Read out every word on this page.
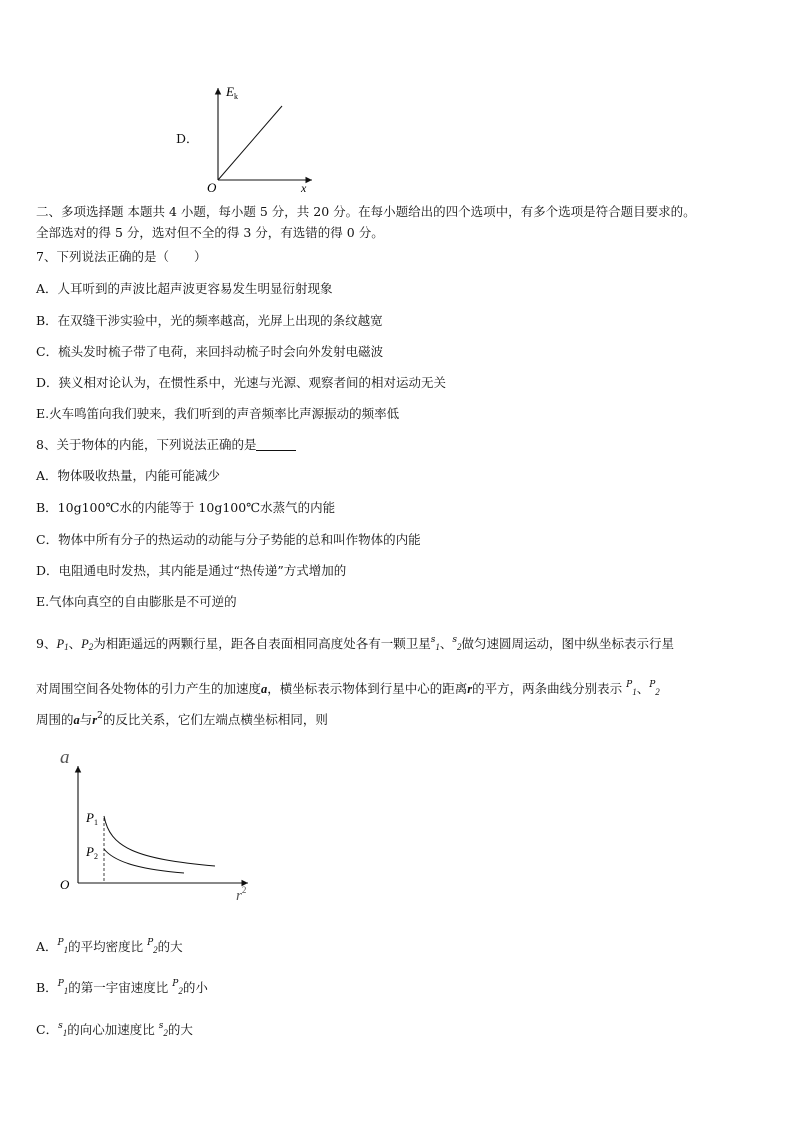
D．
$E_k$
O	x
二、多项选择题 本题共 4 小题，每小题 5 分，共 20 分。在每小题给出的四个选项中，有多个选项是符合题目要求的。
全部选对的得 5 分，选对但不全的得 3 分，有选错的得 0 分。
7、下列说法正确的是（　　）
A．人耳听到的声波比超声波更容易发生明显衍射现象
B．在双缝干涉实验中，光的频率越高，光屏上出现的条纹越宽
C．梳头发时梳子带了电荷，来回抖动梳子时会向外发射电磁波
D．狭义相对论认为，在惯性系中，光速与光源、观察者间的相对运动无关
E.火车鸣笛向我们驶来，我们听到的声音频率比声源振动的频率低
8、关于物体的内能，下列说法正确的是
A．物体吸收热量，内能可能减少
B．10g100℃水的内能等于 10g100℃水蒸气的内能
C．物体中所有分子的热运动的动能与分子势能的总和叫作物体的内能
D．电阻通电时发热，其内能是通过“热传递”方式增加的
E.气体向真空的自由膨胀是不可逆的
9、$P_1$、$P_2$为相距遥远的两颗行星，距各自表面相同高度处各有一颗卫星$^s_1$、$^s_2$做匀速圆周运动，图中纵坐标表示行星
对周围空间各处物体的引力产生的加速度a，横坐标表示物体到行星中心的距离r的平方，两条曲线分别表示 $^P_1$、$^P_2$
周围的a与$r^2$的反比关系，它们左端点横坐标相同，则
a
O
$r^2$
$P_1$
$P_2$
A．$^P_1$的平均密度比 $^P_2$的大
B．$^P_1$的第一宇宙速度比 $^P_2$的小
C．$^s_1$的向心加速度比 $^s_2$的大
